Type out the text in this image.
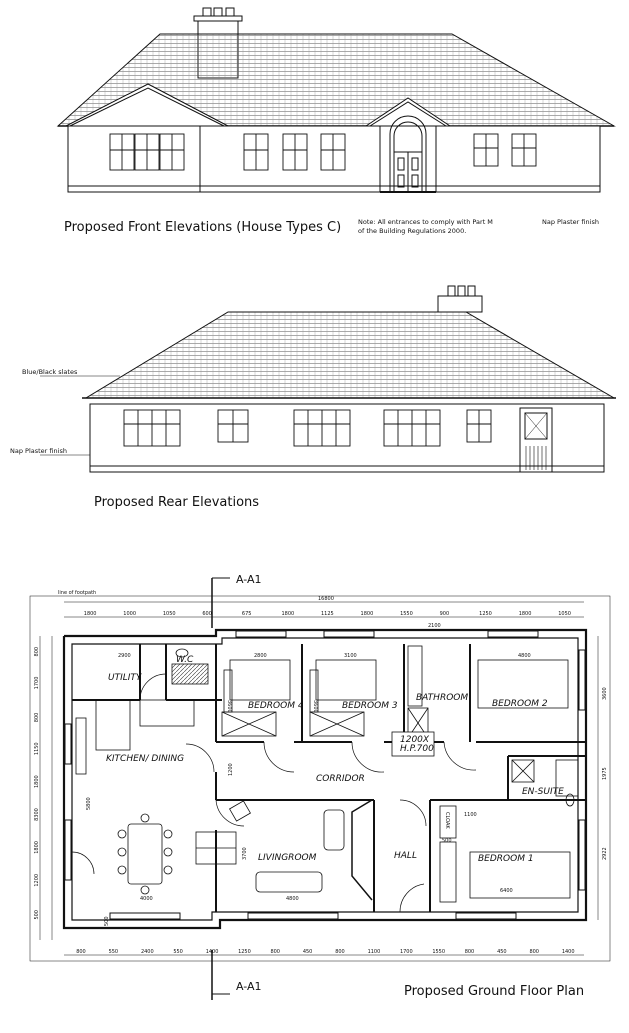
Proposed Front Elevations (House Types C)	Note: All entrances to comply with Part M
of the Building Regulations 2000.
Nap Plaster finish
Blue/Black slates
Nap Plaster finish
Proposed Rear Elevations
A-A1
A-A1
line of footpath
16800
UTILITY
W.C
BEDROOM 4	BEDROOM 3
BATHROOM
BEDROOM 2
KITCHEN/ DINING
CORRIDOR
1200X
H.P.700
EN-SUITE
LIVINGROOM	HALL	BEDROOM 1
CLOAK
2800	3100
2100
4800
2900
4000	4800
6400
1100
500
3600	3600
5800
1200
3700
500
1800	1000	1050	600	675	1800	1125	1800	1550	900	1250	1800	1050
800	550	2400	550	1400	1250	800	450	800	1100	1700	1550	800	450	800	1400
800
1700
800
1150
1800
8300
1800
1200
500
3600
1975
2922
Proposed Ground Floor Plan
